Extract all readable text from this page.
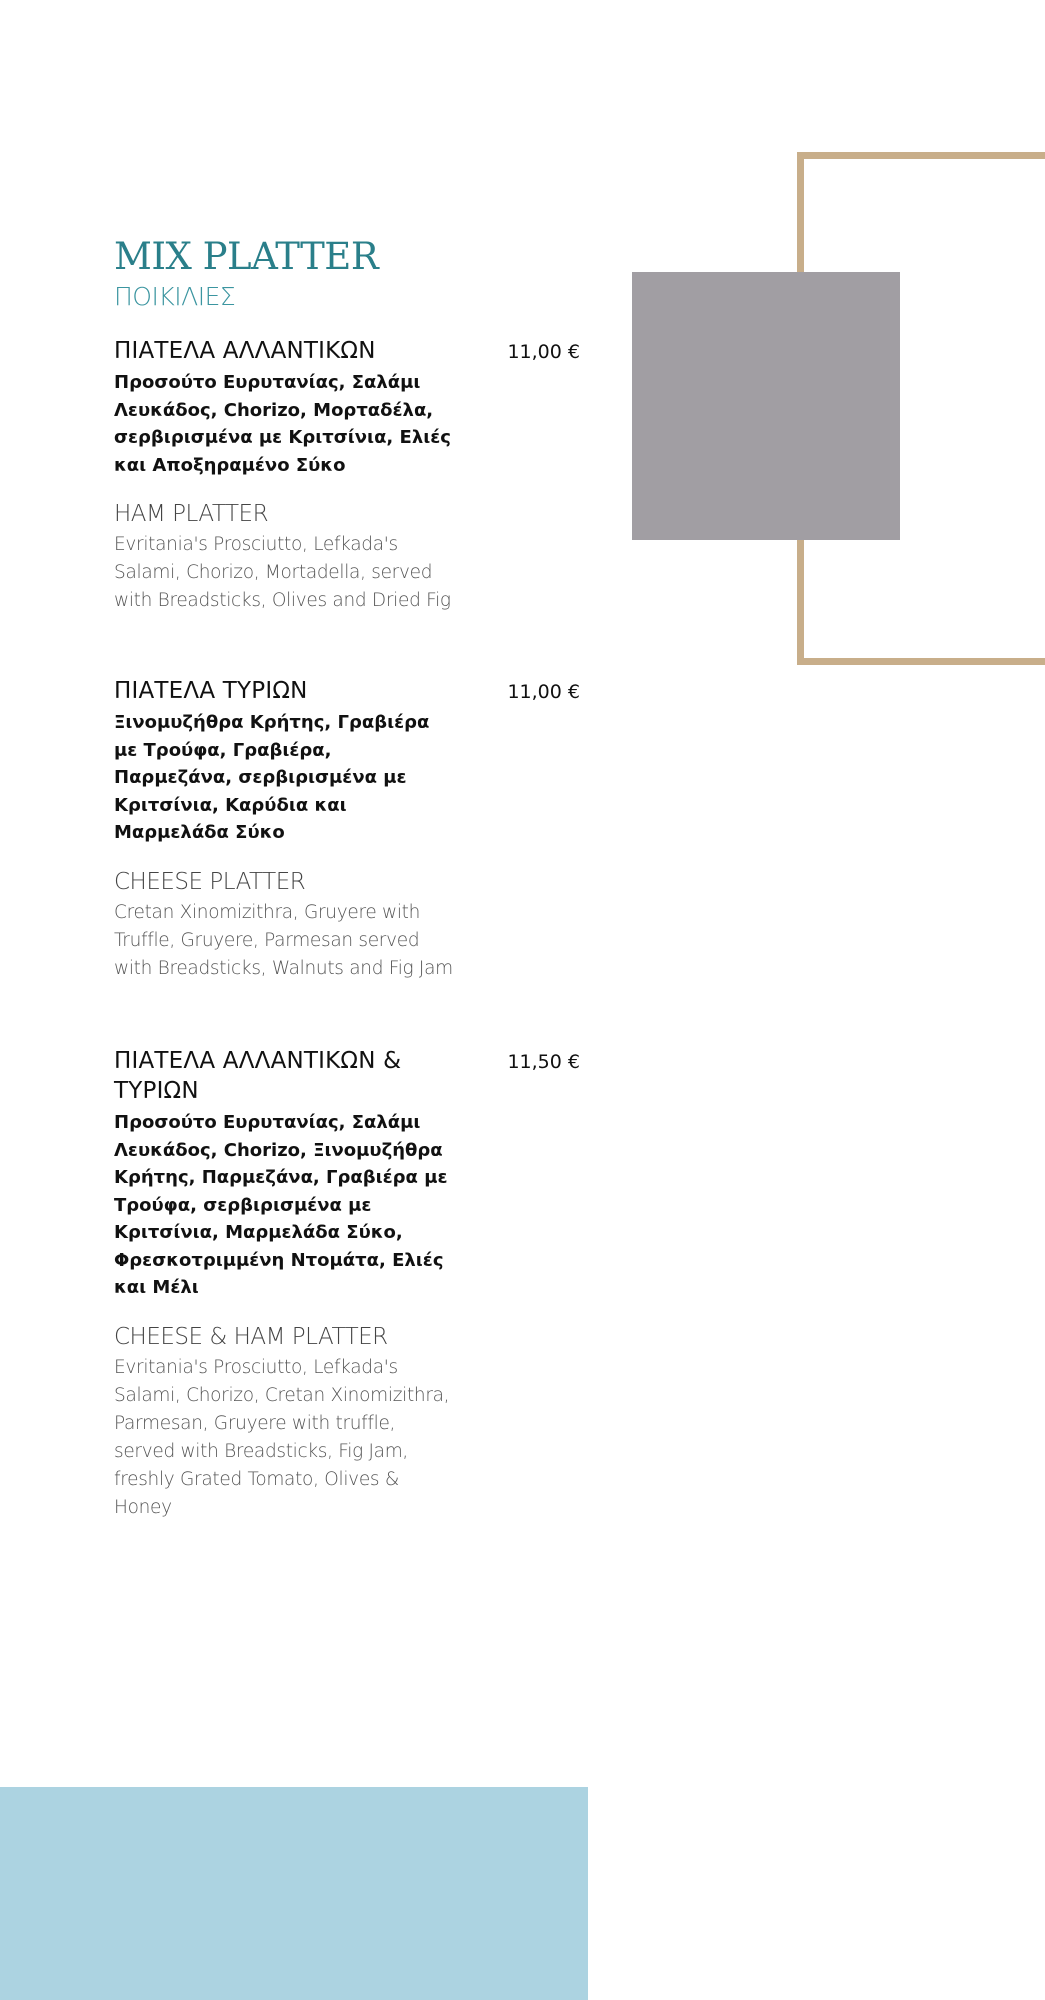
MIX PLATTER
ΠΟΙΚΙΛΙΕΣ
ΠΙΑΤΕΛΑ ΑΛΛΑΝΤΙΚΩΝ	11,00 €
Προσούτο Ευρυτανίας, Σαλάμι Λευκάδος, Chorizo, Μορταδέλα, σερβιρισμένα με Κριτσίνια, Ελιές και Αποξηραμένο Σύκο
HAM PLATTER
Evritania's Prosciutto, Lefkada's Salami, Chorizo, Mortadella, served with Breadsticks, Olives and Dried Fig
ΠΙΑΤΕΛΑ ΤΥΡΙΩΝ	11,00 €
Ξινομυζήθρα Κρήτης, Γραβιέρα με Τρούφα, Γραβιέρα, Παρμεζάνα, σερβιρισμένα με Κριτσίνια, Καρύδια και Μαρμελάδα Σύκο
CHEESE PLATTER
Cretan Xinomizithra, Gruyere with Truffle, Gruyere, Parmesan served with Breadsticks, Walnuts and Fig Jam
ΠΙΑΤΕΛΑ ΑΛΛΑΝΤΙΚΩΝ & ΤΥΡΙΩΝ
11,50 €
Προσούτο Ευρυτανίας, Σαλάμι Λευκάδος, Chorizo, Ξινομυζήθρα Κρήτης, Παρμεζάνα, Γραβιέρα με Τρούφα, σερβιρισμένα με Κριτσίνια, Μαρμελάδα Σύκο, Φρεσκοτριμμένη Ντομάτα, Ελιές και Μέλι
CHEESE & HAM PLATTER
Evritania's Prosciutto, Lefkada's Salami, Chorizo, Cretan Xinomizithra, Parmesan, Gruyere with truffle, served with Breadsticks, Fig Jam, freshly Grated Tomato, Olives & Honey
